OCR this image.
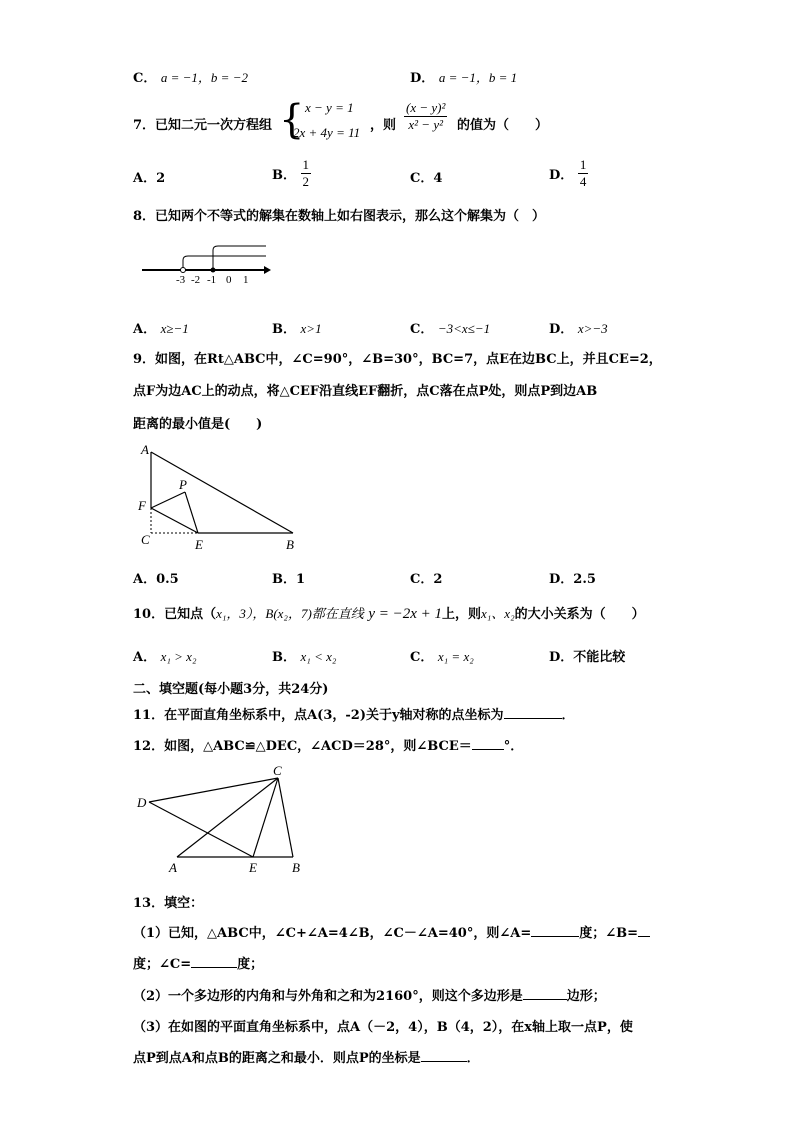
C． a = −1，b = −2	D． a = −1，b = 1
7．已知二元一次方程组 { x − y = 1
2x + 4y = 11 ，则 $\frac{\text{(x − y)²}}{\text{x² − y²}}$ 的值为（　　）
A．2	B． $\frac{1}{2}$	C．4	D． $\frac{1}{4}$
8．已知两个不等式的解集在数轴上如右图表示，那么这个解集为（　）
-3 -2 -1 0 1
A． x≥−1	B． x>1	C． −3<x≤−1	D． x>−3
9．如图，在Rt△ABC中，∠C=90°，∠B=30°，BC=7，点E在边BC上，并且CE=2，
点F为边AC上的动点，将△CEF沿直线EF翻折，点C落在点P处，则点P到边AB
距离的最小值是(　　)
A
P
F
C	E	B
A．0.5	B．1	C．2	D．2.5
10．已知点（x₁，3），B(x₂，7)都在直线 y = −2x + 1上，则x₁、x₂的大小关系为（　　）
A． x₁ > x₂	B． x₁ < x₂	C． x₁ = x₂	D．不能比较
二、填空题(每小题3分，共24分)
11．在平面直角坐标系中，点A(3，-2)关于y轴对称的点坐标为	．
12．如图，△ABC≌△DEC，∠ACD＝28°，则∠BCE＝ °．
C
D
A	E	B
13．填空：
（1）已知，△ABC中，∠C+∠A=4∠B，∠C－∠A=40°，则∠A=	度；∠B=
度；∠C=	度；
（2）一个多边形的内角和与外角和之和为2160°，则这个多边形是	边形；
（3）在如图的平面直角坐标系中，点A（－2，4），B（4，2），在x轴上取一点P，使
点P到点A和点B的距离之和最小．则点P的坐标是	．
